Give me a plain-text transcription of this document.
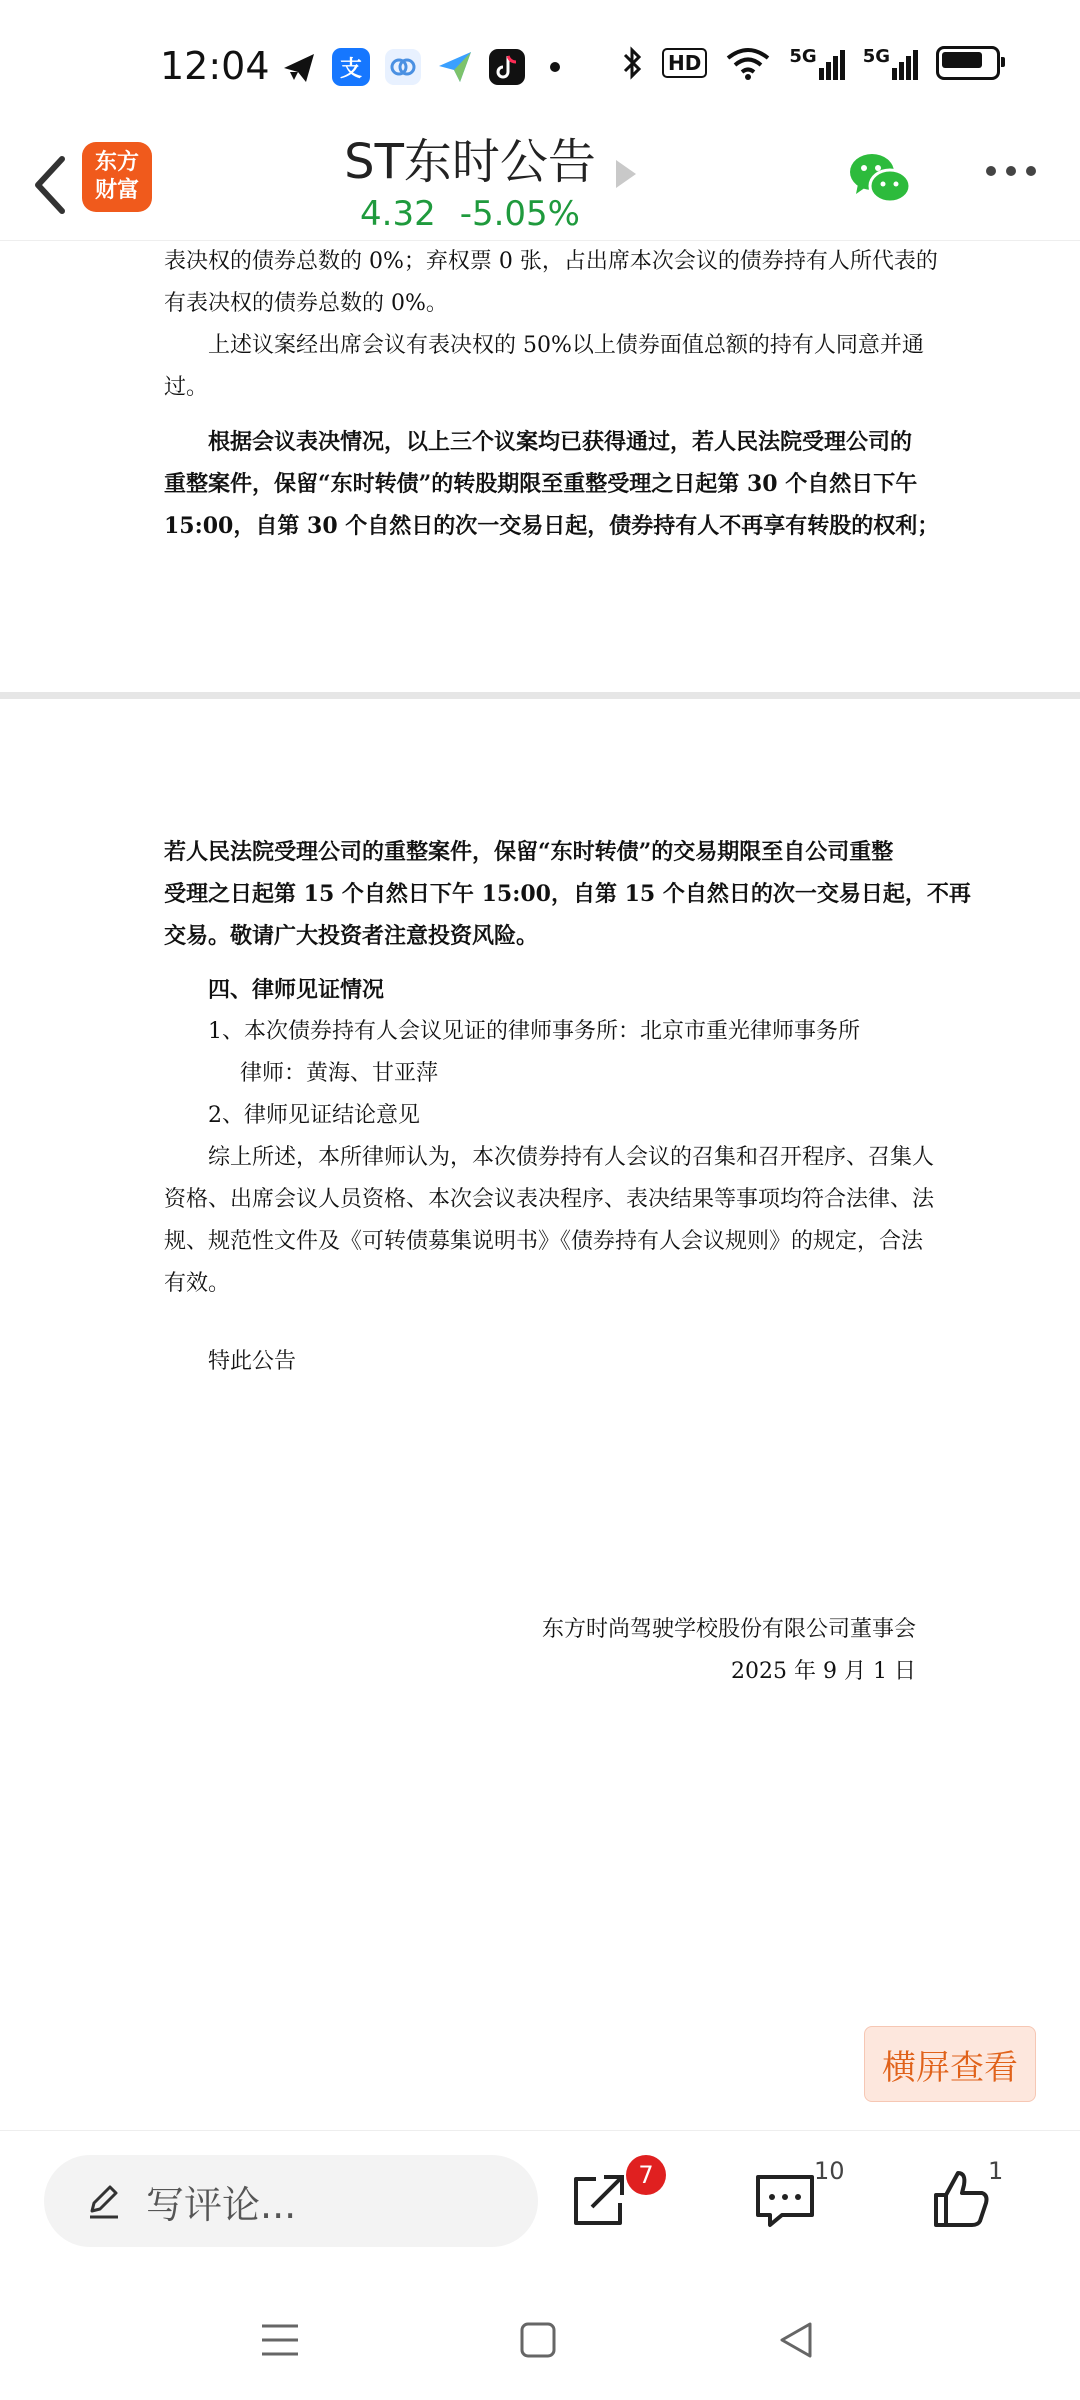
12:04	支	HD	5G	5G
东方
财富
ST东时公告
4.32 -5.05%
表决权的债券总数的 0%；弃权票 0 张，占出席本次会议的债券持有人所代表的
有表决权的债券总数的 0%。
上述议案经出席会议有表决权的 50%以上债券面值总额的持有人同意并通
过。
根据会议表决情况，以上三个议案均已获得通过，若人民法院受理公司的
重整案件，保留“东时转债”的转股期限至重整受理之日起第 30 个自然日下午
15:00，自第 30 个自然日的次一交易日起，债券持有人不再享有转股的权利；
若人民法院受理公司的重整案件，保留“东时转债”的交易期限至自公司重整
受理之日起第 15 个自然日下午 15:00，自第 15 个自然日的次一交易日起，不再
交易。敬请广大投资者注意投资风险。
四、律师见证情况
1、本次债券持有人会议见证的律师事务所：北京市重光律师事务所
律师：黄海、甘亚萍
2、律师见证结论意见
综上所述，本所律师认为，本次债券持有人会议的召集和召开程序、召集人
资格、出席会议人员资格、本次会议表决程序、表决结果等事项均符合法律、法
规、规范性文件及《可转债募集说明书》《债券持有人会议规则》的规定，合法
有效。
特此公告
东方时尚驾驶学校股份有限公司董事会
2025 年 9 月 1 日
横屏查看
写评论...
7	10	1
